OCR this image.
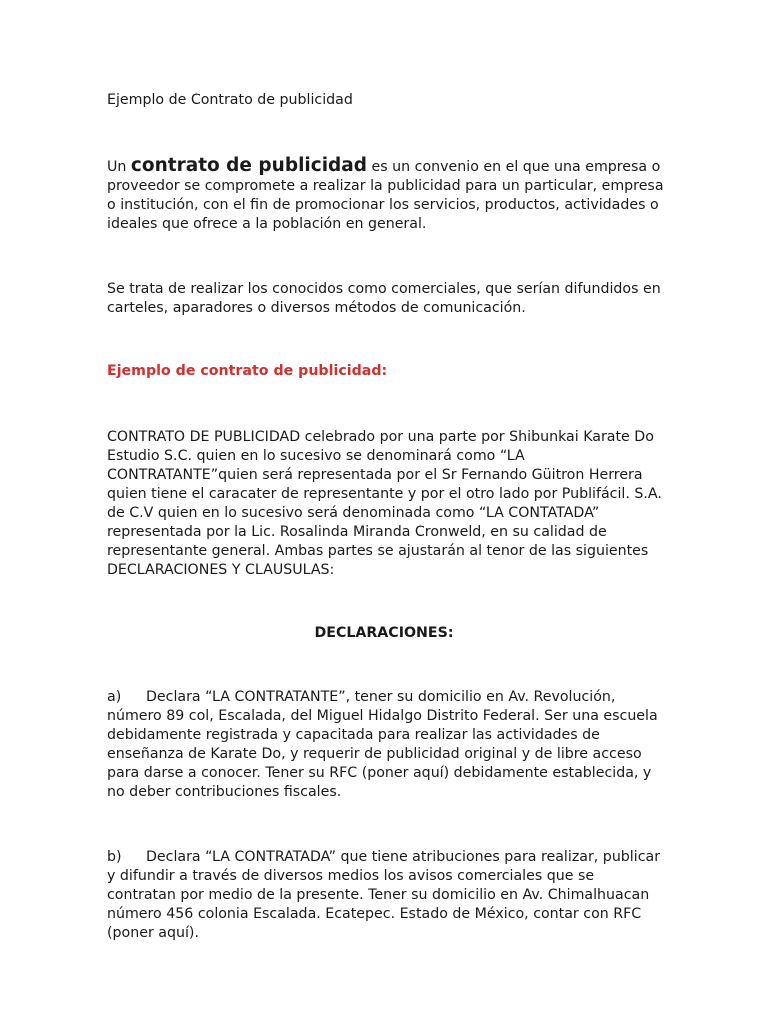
Ejemplo de Contrato de publicidad

Un contrato de publicidad es un convenio en el que una empresa o proveedor se compromete a realizar la publicidad para un particular, empresa o institución, con el fin de promocionar los servicios, productos, actividades o ideales que ofrece a la población en general.

Se trata de realizar los conocidos como comerciales, que serían difundidos en carteles, aparadores o diversos métodos de comunicación.

Ejemplo de contrato de publicidad:

CONTRATO DE PUBLICIDAD celebrado por una parte por Shibunkai Karate Do Estudio S.C. quien en lo sucesivo se denominará como “LA CONTRATANTE”quien será representada por el Sr Fernando Güitron Herrera quien tiene el caracater de representante y por el otro lado por Publifácil. S.A. de C.V quien en lo sucesivo será denominada como “LA CONTATADA” representada por la Lic. Rosalinda Miranda Cronweld, en su calidad de representante general. Ambas partes se ajustarán al tenor de las siguientes DECLARACIONES Y CLAUSULAS:

DECLARACIONES:

a) Declara “LA CONTRATANTE”, tener su domicilio en Av. Revolución, número 89 col, Escalada, del Miguel Hidalgo Distrito Federal. Ser una escuela debidamente registrada y capacitada para realizar las actividades de enseñanza de Karate Do, y requerir de publicidad original y de libre acceso para darse a conocer. Tener su RFC (poner aquí) debidamente establecida, y no deber contribuciones fiscales.

b) Declara “LA CONTRATADA” que tiene atribuciones para realizar, publicar y difundir a través de diversos medios los avisos comerciales que se contratan por medio de la presente. Tener su domicilio en Av. Chimalhuacan número 456 colonia Escalada. Ecatepec. Estado de México, contar con RFC (poner aquí).
